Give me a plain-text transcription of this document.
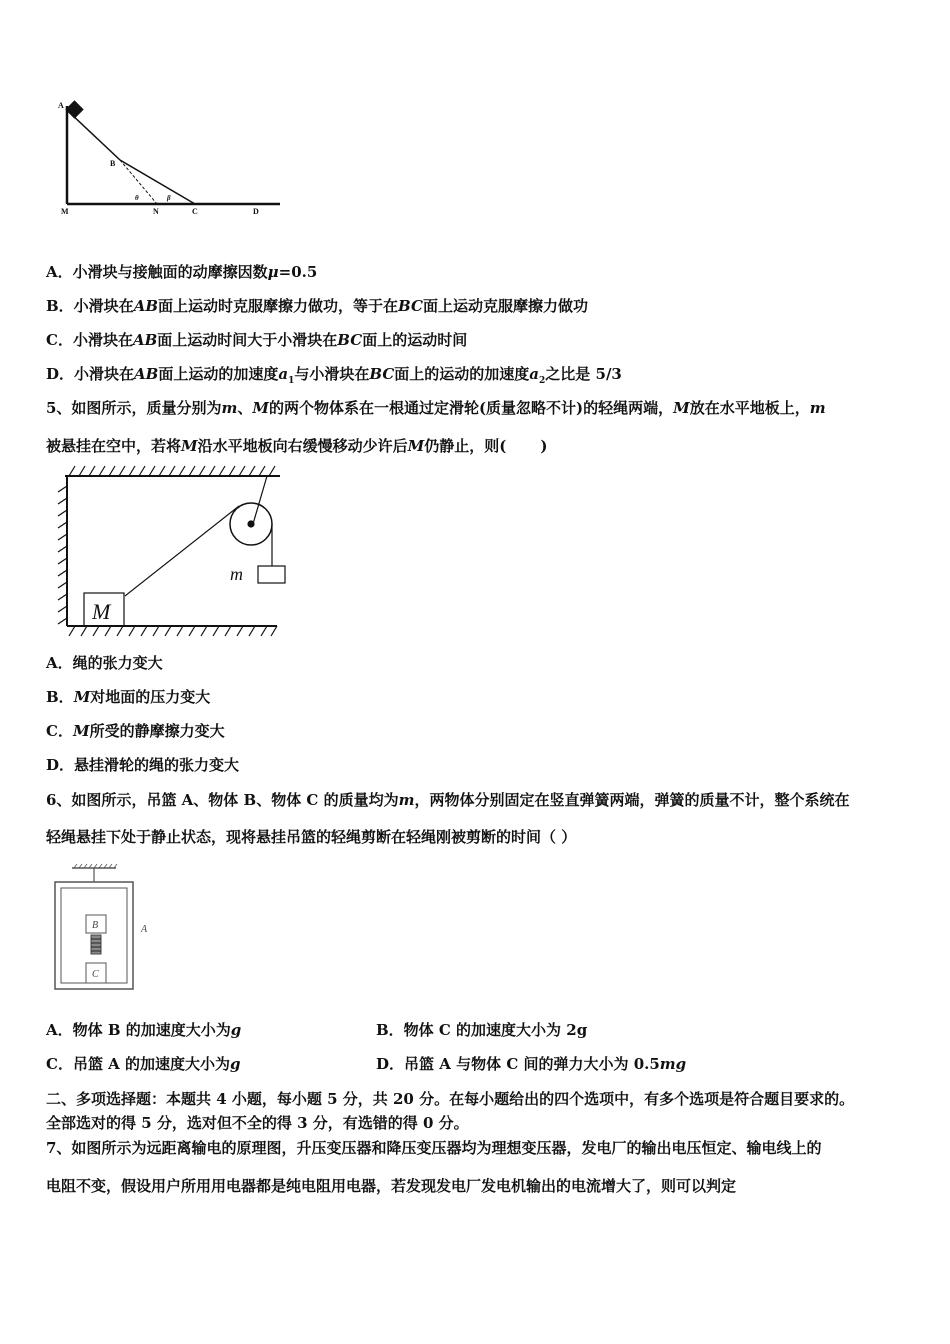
A
B
M	N	C	D
θ	β
A．小滑块与接触面的动摩擦因数μ=0.5
B．小滑块在AB面上运动时克服摩擦力做功，等于在BC面上运动克服摩擦力做功
C．小滑块在AB面上运动时间大于小滑块在BC面上的运动时间
D．小滑块在AB面上运动的加速度$a_1$与小滑块在BC面上的运动的加速度$a_2$之比是 5/3
5、如图所示，质量分别为m、M的两个物体系在一根通过定滑轮(质量忽略不计)的轻绳两端，M放在水平地板上，m
被悬挂在空中，若将M沿水平地板向右缓慢移动少许后M仍静止，则( )
M
m
A．绳的张力变大
B．M对地面的压力变大
C．M所受的静摩擦力变大
D．悬挂滑轮的绳的张力变大
6、如图所示，吊篮 A、物体 B、物体 C 的质量均为m，两物体分别固定在竖直弹簧两端，弹簧的质量不计，整个系统在
轻绳悬挂下处于静止状态，现将悬挂吊篮的轻绳剪断在轻绳刚被剪断的时间（ ）
A
B
C
A．物体 B 的加速度大小为g	B．物体 C 的加速度大小为 2g
C．吊篮 A 的加速度大小为g	D．吊篮 A 与物体 C 间的弹力大小为 0.5mg
二、多项选择题：本题共 4 小题，每小题 5 分，共 20 分。在每小题给出的四个选项中，有多个选项是符合题目要求的。
全部选对的得 5 分，选对但不全的得 3 分，有选错的得 0 分。
7、如图所示为远距离输电的原理图，升压变压器和降压变压器均为理想变压器，发电厂的输出电压恒定、输电线上的
电阻不变，假设用户所用用电器都是纯电阻用电器，若发现发电厂发电机输出的电流增大了，则可以判定
